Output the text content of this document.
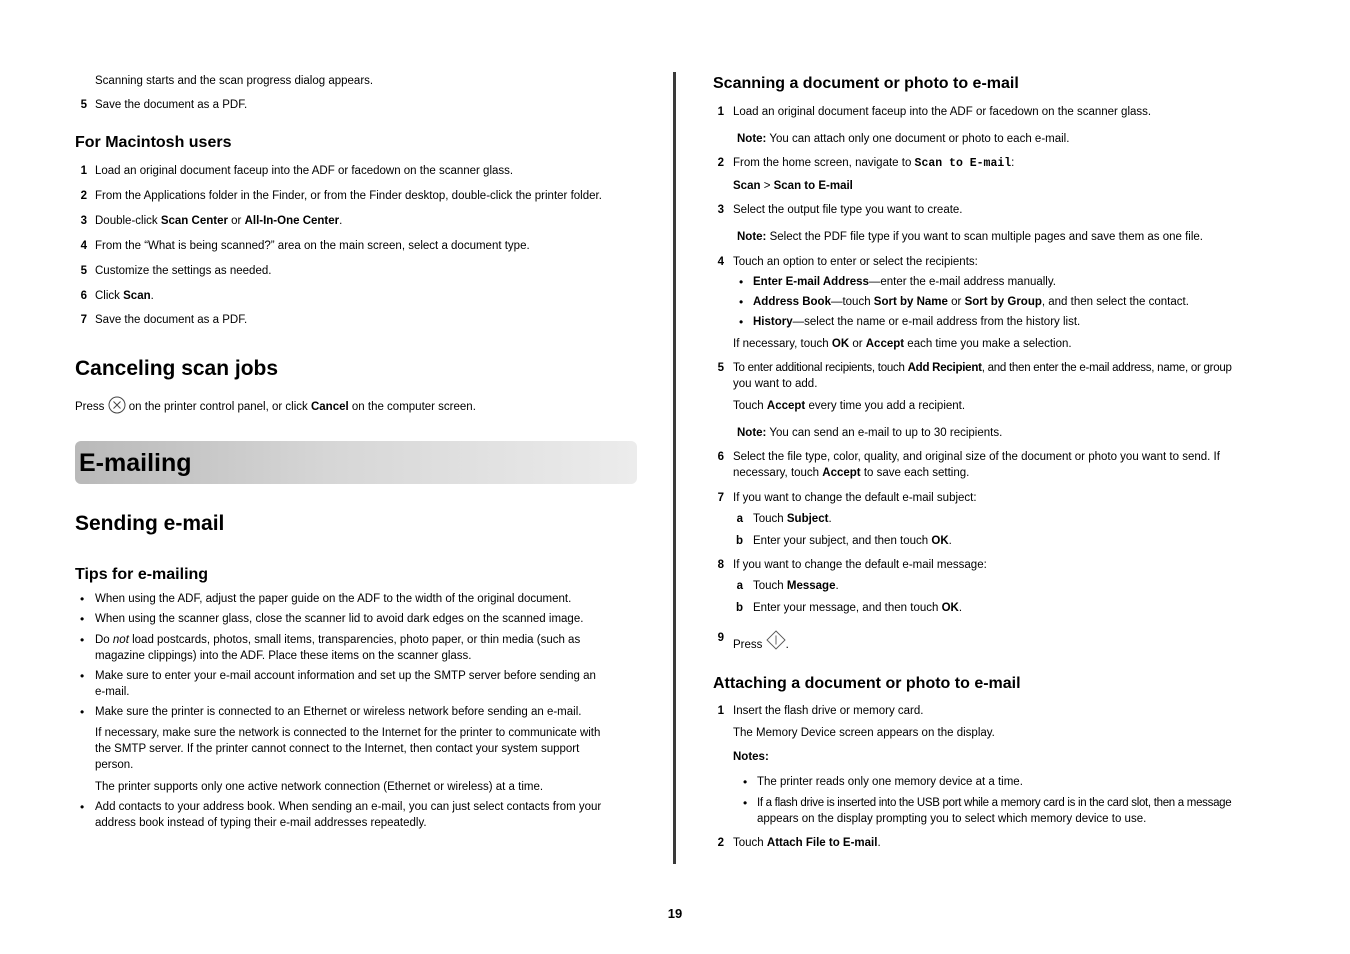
Scanning starts and the scan progress dialog appears.
5 Save the document as a PDF.
For Macintosh users
1 Load an original document faceup into the ADF or facedown on the scanner glass.
2 From the Applications folder in the Finder, or from the Finder desktop, double-click the printer folder.
3 Double-click Scan Center or All-In-One Center.
4 From the “What is being scanned?” area on the main screen, select a document type.
5 Customize the settings as needed.
6 Click Scan.
7 Save the document as a PDF.
Canceling scan jobs
Press  on the printer control panel, or click Cancel on the computer screen.
E-mailing
Sending e-mail
Tips for e-mailing
• When using the ADF, adjust the paper guide on the ADF to the width of the original document.
• When using the scanner glass, close the scanner lid to avoid dark edges on the scanned image.
• Do not load postcards, photos, small items, transparencies, photo paper, or thin media (such as
magazine clippings) into the ADF. Place these items on the scanner glass.
• Make sure to enter your e-mail account information and set up the SMTP server before sending an
e-mail.
• Make sure the printer is connected to an Ethernet or wireless network before sending an e-mail.
If necessary, make sure the network is connected to the Internet for the printer to communicate with
the SMTP server. If the printer cannot connect to the Internet, then contact your system support
person.
The printer supports only one active network connection (Ethernet or wireless) at a time.
• Add contacts to your address book. When sending an e-mail, you can just select contacts from your
address book instead of typing their e-mail addresses repeatedly.
Scanning a document or photo to e-mail
1 Load an original document faceup into the ADF or facedown on the scanner glass.
Note: You can attach only one document or photo to each e-mail.
2 From the home screen, navigate to Scan to E-mail:
Scan > Scan to E-mail
3 Select the output file type you want to create.
Note: Select the PDF file type if you want to scan multiple pages and save them as one file.
4 Touch an option to enter or select the recipients:
• Enter E-mail Address—enter the e-mail address manually.
• Address Book—touch Sort by Name or Sort by Group, and then select the contact.
• History—select the name or e-mail address from the history list.
If necessary, touch OK or Accept each time you make a selection.
5 To enter additional recipients, touch Add Recipient, and then enter the e-mail address, name, or group
you want to add.
Touch Accept every time you add a recipient.
Note: You can send an e-mail to up to 30 recipients.
6 Select the file type, color, quality, and original size of the document or photo you want to send. If
necessary, touch Accept to save each setting.
7 If you want to change the default e-mail subject:
a Touch Subject.
b Enter your subject, and then touch OK.
8 If you want to change the default e-mail message:
a Touch Message.
b Enter your message, and then touch OK.
9
Press .
Attaching a document or photo to e-mail
1 Insert the flash drive or memory card.
The Memory Device screen appears on the display.
Notes:
• The printer reads only one memory device at a time.
• If a flash drive is inserted into the USB port while a memory card is in the card slot, then a message
appears on the display prompting you to select which memory device to use.
2 Touch Attach File to E-mail.
19
